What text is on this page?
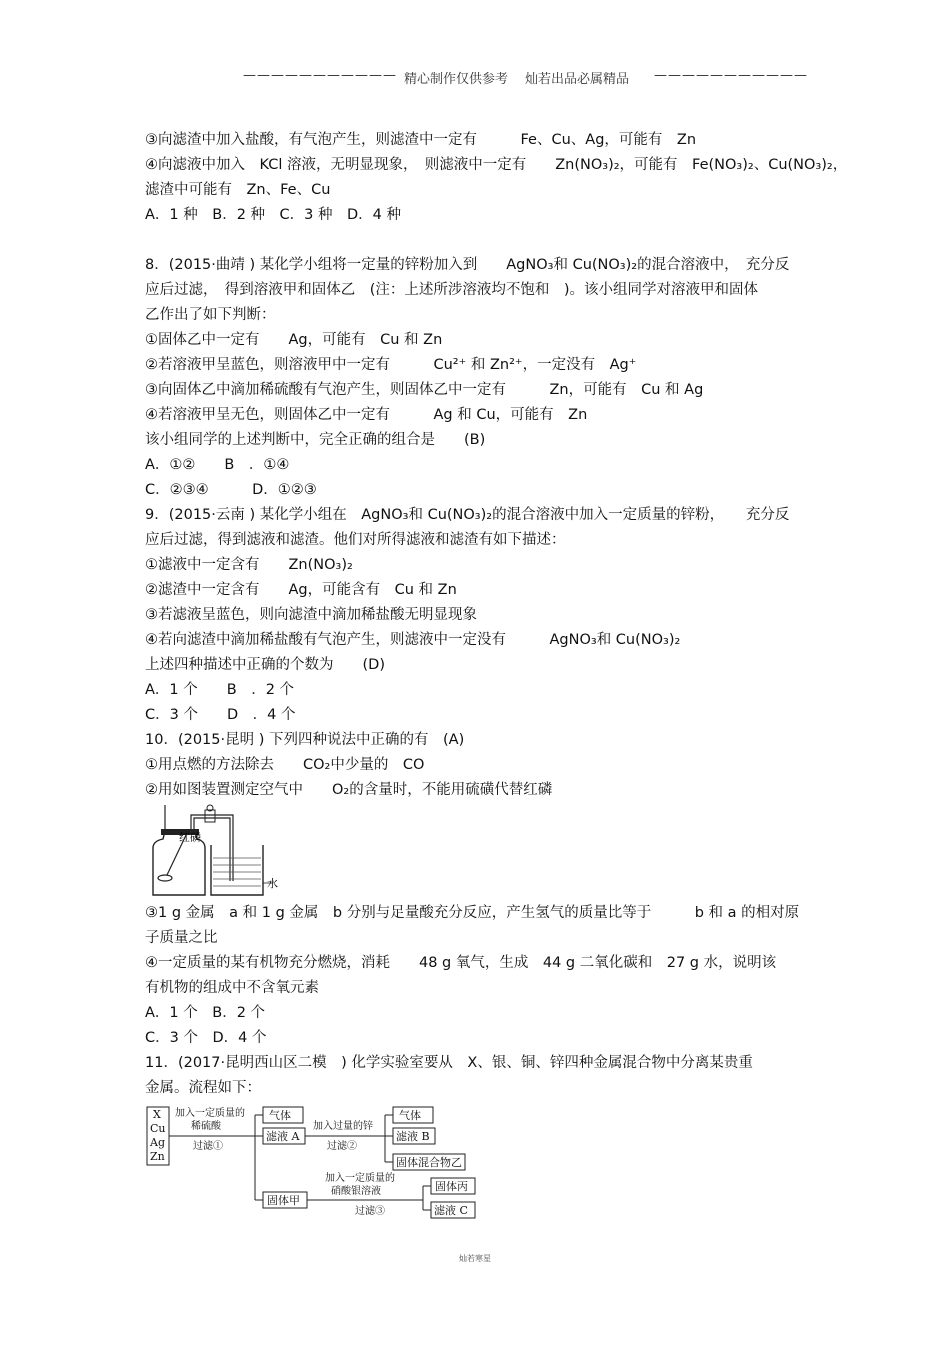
——————————— 精心制作仅供参考 灿若出品必属精品 ———————————
③向滤渣中加入盐酸，有气泡产生，则滤渣中一定有　　　Fe、Cu、Ag，可能有　Zn
④向滤液中加入　KCl 溶液，无明显现象，　则滤液中一定有　　Zn(NO₃)₂，可能有　Fe(NO₃)₂、Cu(NO₃)₂，
滤渣中可能有　Zn、Fe、Cu
A．1 种　B．2 种　C．3 种　D．4 种
8．(2015·曲靖 ) 某化学小组将一定量的锌粉加入到　　AgNO₃和 Cu(NO₃)₂的混合溶液中，　充分反
应后过滤，　得到溶液甲和固体乙　(注：上述所涉溶液均不饱和　)。该小组同学对溶液甲和固体
乙作出了如下判断：
①固体乙中一定有　　Ag，可能有　Cu 和 Zn
②若溶液甲呈蓝色，则溶液甲中一定有　　　Cu²⁺ 和 Zn²⁺，一定没有　Ag⁺
③向固体乙中滴加稀硫酸有气泡产生，则固体乙中一定有　　　Zn，可能有　Cu 和 Ag
④若溶液甲呈无色，则固体乙中一定有　　　Ag 和 Cu，可能有　Zn
该小组同学的上述判断中，完全正确的组合是　　(B)
A．①②　　B　．①④
C．②③④　　　D．①②③
9．(2015·云南 ) 某化学小组在　AgNO₃和 Cu(NO₃)₂的混合溶液中加入一定质量的锌粉，　　充分反
应后过滤，得到滤液和滤渣。他们对所得滤液和滤渣有如下描述：
①滤液中一定含有　　Zn(NO₃)₂
②滤渣中一定含有　　Ag，可能含有　Cu 和 Zn
③若滤液呈蓝色，则向滤渣中滴加稀盐酸无明显现象
④若向滤渣中滴加稀盐酸有气泡产生，则滤液中一定没有　　　AgNO₃和 Cu(NO₃)₂
上述四种描述中正确的个数为　　(D)
A．1 个　　B　．2 个
C．3 个　　D　．4 个
10．(2015·昆明 ) 下列四种说法中正确的有　(A)
①用点燃的方法除去　　CO₂中少量的　CO
②用如图装置测定空气中　　O₂的含量时，不能用硫磺代替红磷
红磷
水
③1 g 金属　a 和 1 g 金属　b 分别与足量酸充分反应，产生氢气的质量比等于　　　b 和 a 的相对原
子质量之比
④一定质量的某有机物充分燃烧，消耗　　48 g 氧气，生成　44 g 二氧化碳和　27 g 水，说明该
有机物的组成中不含氧元素
A．1 个　B．2 个
C．3 个　D．4 个
11．(2017·昆明西山区二模　) 化学实验室要从　X、银、铜、锌四种金属混合物中分离某贵重
金属。流程如下：
X
Cu
Ag
Zn
加入一定质量的
稀硫酸
过滤①
气体
滤液 A
加入过量的锌
过滤②
气体
滤液 B
固体混合物乙
固体甲
加入一定质量的
硝酸银溶液
过滤③
固体丙
滤液 C
灿若寒星
